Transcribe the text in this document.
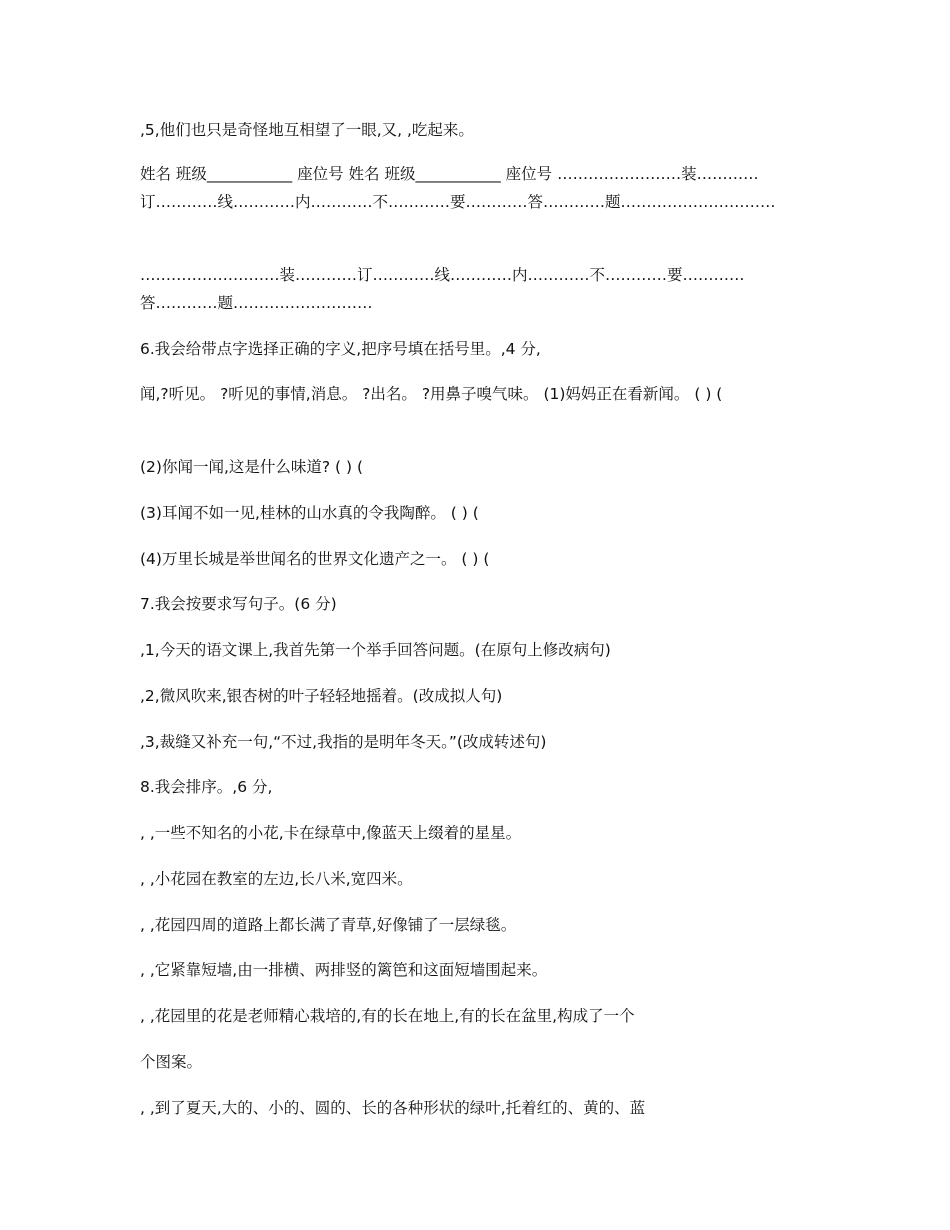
,5,他们也只是奇怪地互相望了一眼,又, ,吃起来。
姓名 班级___________ 座位号 姓名 班级___________ 座位号 ……………………装…………订…………线…………内…………不…………要…………答…………题…………………………
………………………装…………订…………线…………内…………不…………要…………答…………题………………………
6.我会给带点字选择正确的字义,把序号填在括号里。,4 分,
闻,?听见。 ?听见的事情,消息。 ?出名。 ?用鼻子嗅气味。 (1)妈妈正在看新闻。 ( ) (
(2)你闻一闻,这是什么味道? ( ) (
(3)耳闻不如一见,桂林的山水真的令我陶醉。 ( ) (
(4)万里长城是举世闻名的世界文化遗产之一。 ( ) (
7.我会按要求写句子。(6 分)
,1,今天的语文课上,我首先第一个举手回答问题。(在原句上修改病句)
,2,微风吹来,银杏树的叶子轻轻地摇着。(改成拟人句)
,3,裁缝又补充一句,“不过,我指的是明年冬天。”(改成转述句)
8.我会排序。,6 分,
, ,一些不知名的小花,卡在绿草中,像蓝天上缀着的星星。
, ,小花园在教室的左边,长八米,宽四米。
, ,花园四周的道路上都长满了青草,好像铺了一层绿毯。
, ,它紧靠短墙,由一排横、两排竖的篱笆和这面短墙围起来。
, ,花园里的花是老师精心栽培的,有的长在地上,有的长在盆里,构成了一个
个图案。
, ,到了夏天,大的、小的、圆的、长的各种形状的绿叶,托着红的、黄的、蓝
